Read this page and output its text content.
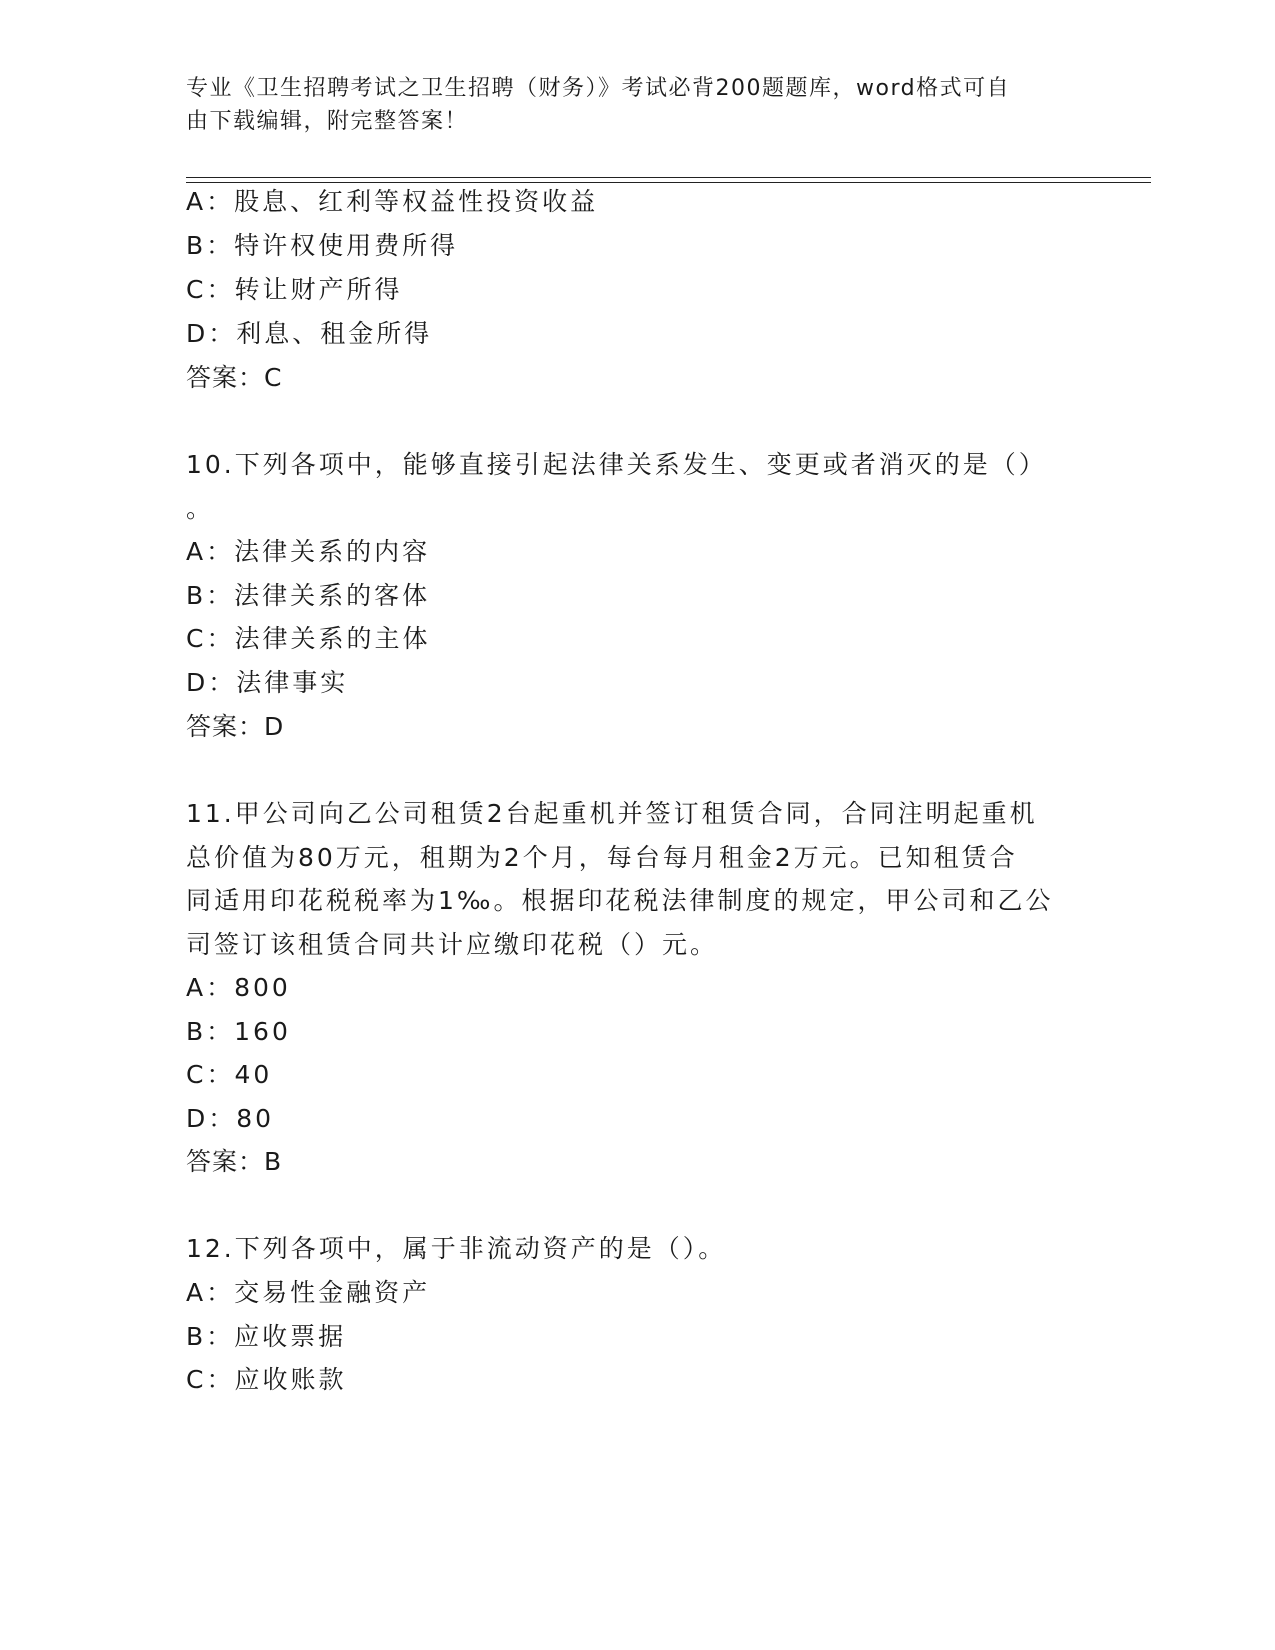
专业《卫生招聘考试之卫生招聘（财务）》考试必背200题题库，word格式可自
由下载编辑，附完整答案！
A：股息、红利等权益性投资收益
B：特许权使用费所得
C：转让财产所得
D：利息、租金所得
答案：C
10.下列各项中，能够直接引起法律关系发生、变更或者消灭的是（）
。
A：法律关系的内容
B：法律关系的客体
C：法律关系的主体
D：法律事实
答案：D
11.甲公司向乙公司租赁2台起重机并签订租赁合同，合同注明起重机
总价值为80万元，租期为2个月，每台每月租金2万元。已知租赁合
同适用印花税税率为1‰。根据印花税法律制度的规定，甲公司和乙公
司签订该租赁合同共计应缴印花税（）元。
A：800
B：160
C：40
D：80
答案：B
12.下列各项中，属于非流动资产的是（）。
A：交易性金融资产
B：应收票据
C：应收账款
